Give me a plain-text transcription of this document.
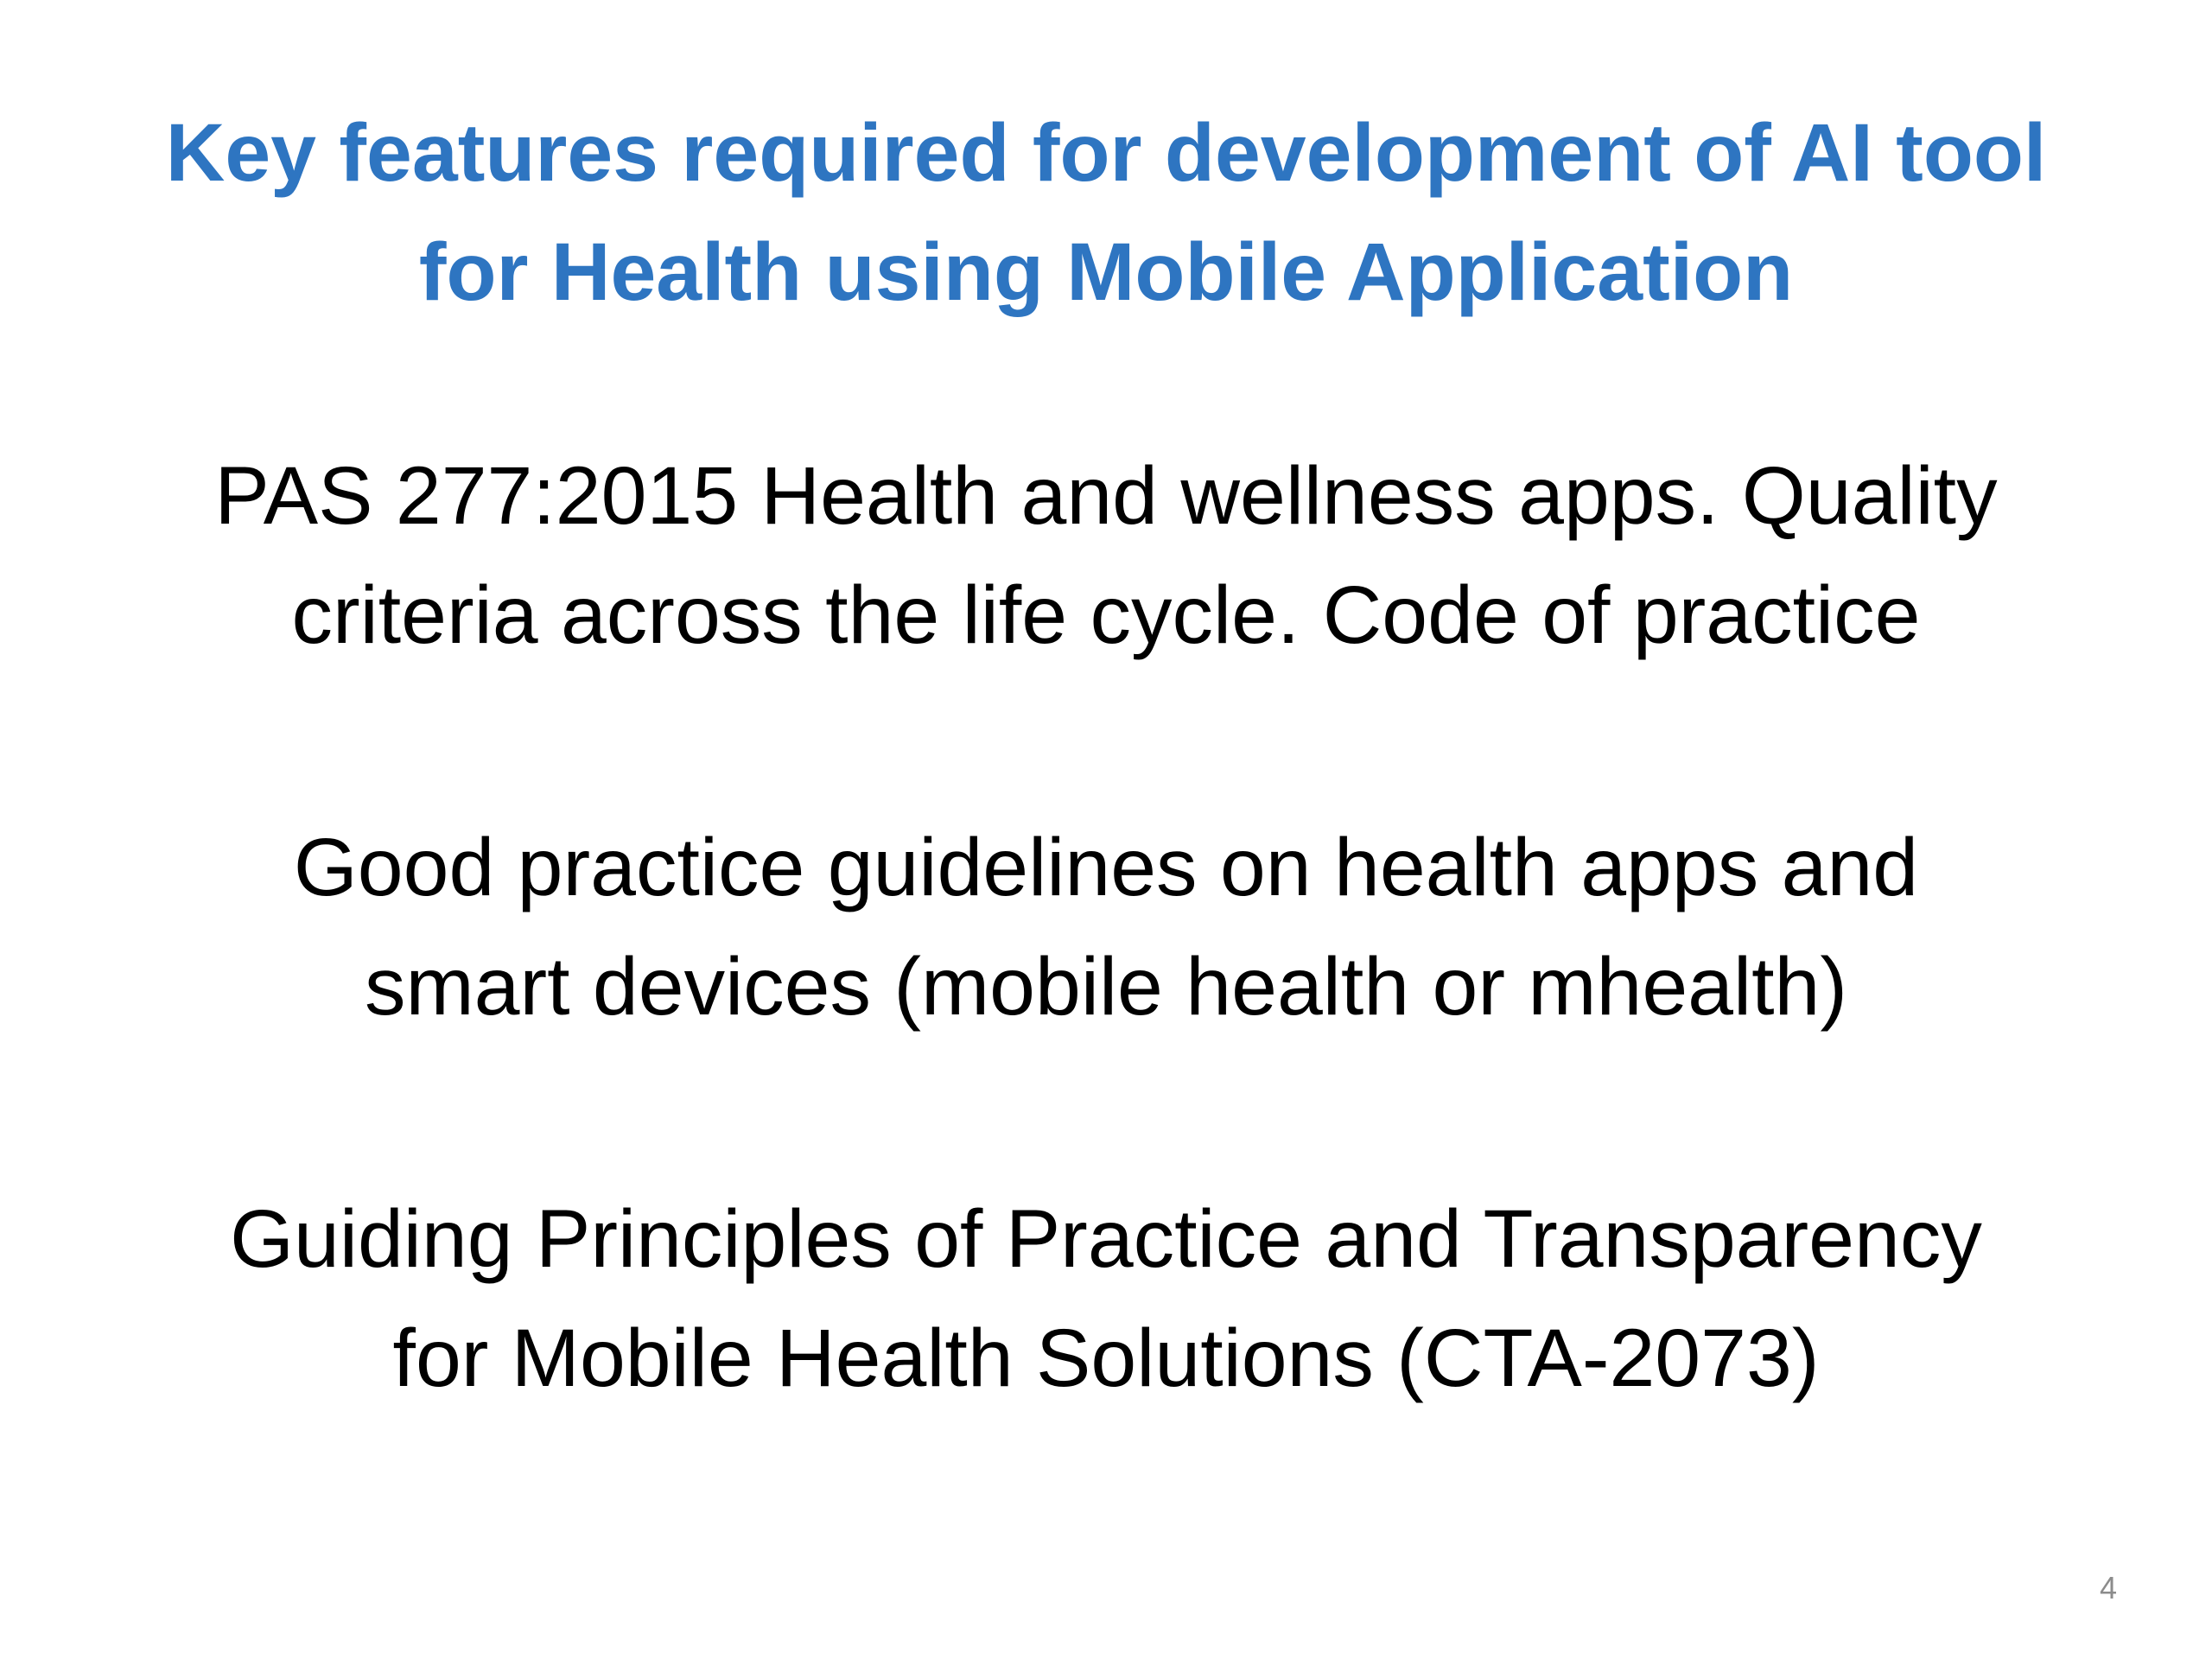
Key features required for development of AI tool
for Health using Mobile Application
PAS 277:2015 Health and wellness apps. Quality
criteria across the life cycle. Code of practice
Good practice guidelines on health apps and
smart devices (mobile health or mhealth)
Guiding Principles of Practice and Transparency
for Mobile Health Solutions (CTA-2073)
4
